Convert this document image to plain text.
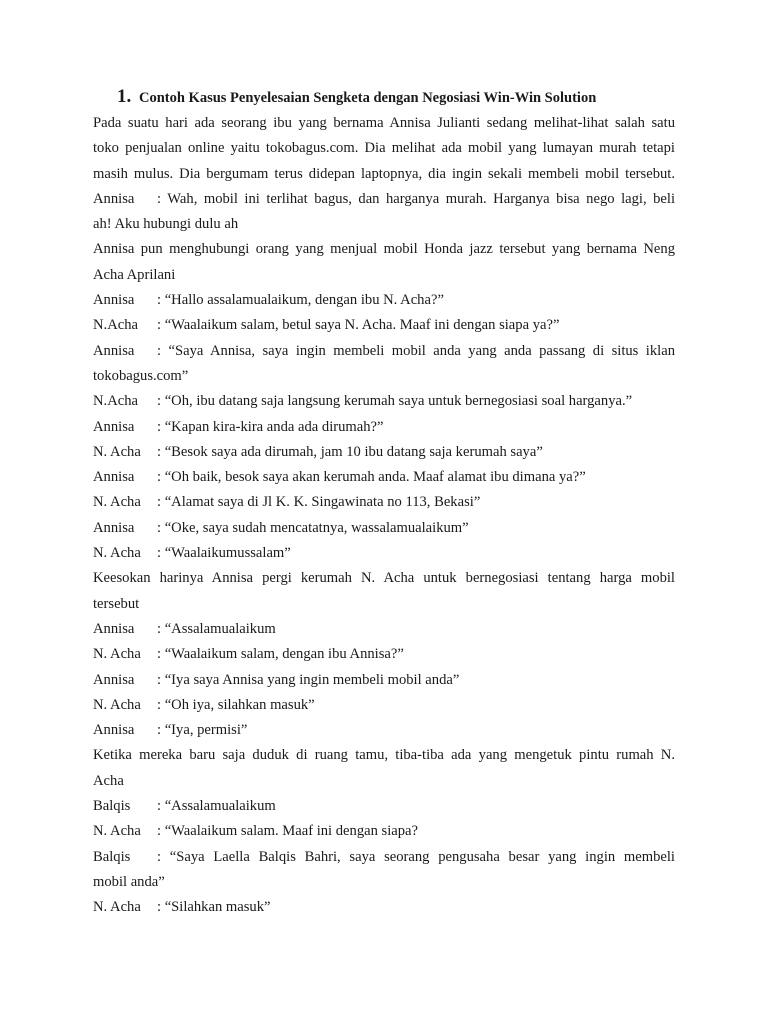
1. Contoh Kasus Penyelesaian Sengketa dengan Negosiasi Win-Win Solution
Pada suatu hari ada seorang ibu yang bernama Annisa Julianti sedang melihat-lihat salah satu
toko penjualan online yaitu tokobagus.com. Dia melihat ada mobil yang lumayan murah tetapi
masih mulus. Dia bergumam terus didepan laptopnya, dia ingin sekali membeli mobil tersebut.
Annisa	: Wah, mobil ini terlihat bagus, dan harganya murah. Harganya bisa nego lagi, beli
ah! Aku hubungi dulu ah
Annisa pun menghubungi orang yang menjual mobil Honda jazz tersebut yang bernama Neng
Acha Aprilani
Annisa	: “Hallo assalamualaikum, dengan ibu N. Acha?”
N.Acha	: “Waalaikum salam, betul saya N. Acha. Maaf ini dengan siapa ya?”
Annisa	: “Saya Annisa, saya ingin membeli mobil anda yang anda passang di situs iklan
tokobagus.com”
N.Acha	: “Oh, ibu datang saja langsung kerumah saya untuk bernegosiasi soal harganya.”
Annisa	: “Kapan kira-kira anda ada dirumah?”
N. Acha	: “Besok saya ada dirumah, jam 10 ibu datang saja kerumah saya”
Annisa	: “Oh baik, besok saya akan kerumah anda. Maaf alamat ibu dimana ya?”
N. Acha	: “Alamat saya di Jl K. K. Singawinata no 113, Bekasi”
Annisa	: “Oke, saya sudah mencatatnya, wassalamualaikum”
N. Acha	: “Waalaikumussalam”
Keesokan harinya Annisa pergi kerumah N. Acha untuk bernegosiasi tentang harga mobil
tersebut
Annisa	: “Assalamualaikum
N. Acha	: “Waalaikum salam, dengan ibu Annisa?”
Annisa	: “Iya saya Annisa yang ingin membeli mobil anda”
N. Acha	: “Oh iya, silahkan masuk”
Annisa	: “Iya, permisi”
Ketika mereka baru saja duduk di ruang tamu, tiba-tiba ada yang mengetuk pintu rumah N.
Acha
Balqis	: “Assalamualaikum
N. Acha	: “Waalaikum salam. Maaf ini dengan siapa?
Balqis	: “Saya Laella Balqis Bahri, saya seorang pengusaha besar yang ingin membeli
mobil anda”
N. Acha	: “Silahkan masuk”
